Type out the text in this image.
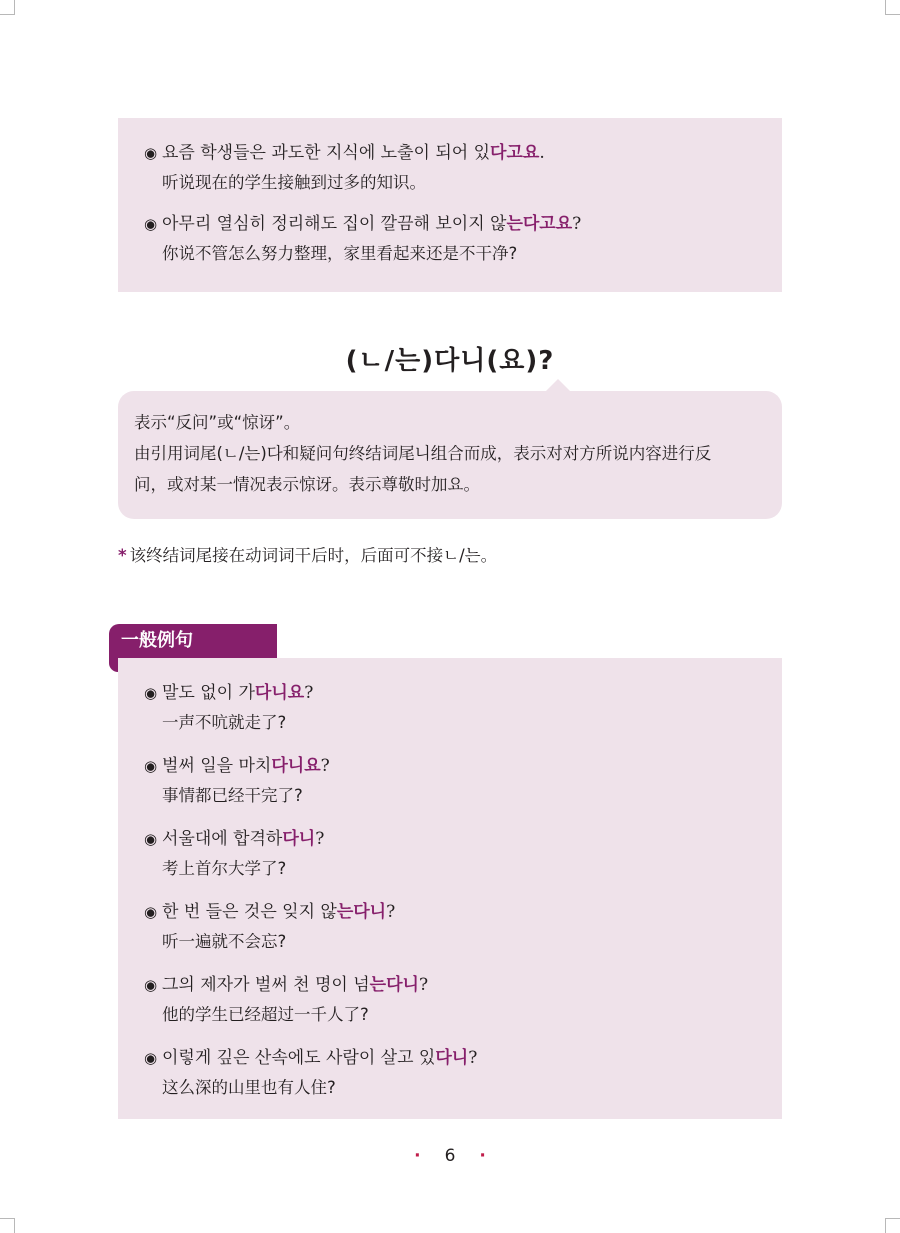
◉ 요즘 학생들은 과도한 지식에 노출이 되어 있다고요.
听说现在的学生接触到过多的知识。
◉ 아무리 열심히 정리해도 집이 깔끔해 보이지 않는다고요?
你说不管怎么努力整理，家里看起来还是不干净?
(ㄴ/는)다니(요)?

表示“反问”或“惊讶”。

由引用词尾(ㄴ/는)다和疑问句终结词尾니组合而成，表示对对方所说内容进行反

问，或对某一情况表示惊讶。表示尊敬时加요。

* 该终结词尾接在动词词干后时，后面可不接ㄴ/는。
一般例句
◉ 말도 없이 가다니요?
一声不吭就走了?
◉ 벌써 일을 마치다니요?
事情都已经干完了?
◉ 서울대에 합격하다니?
考上首尔大学了?
◉ 한 번 들은 것은 잊지 않는다니?
听一遍就不会忘?
◉ 그의 제자가 벌써 천 명이 넘는다니?
他的学生已经超过一千人了?
◉ 이렇게 깊은 산속에도 사람이 살고 있다니?
这么深的山里也有人住?
· 6 ·
